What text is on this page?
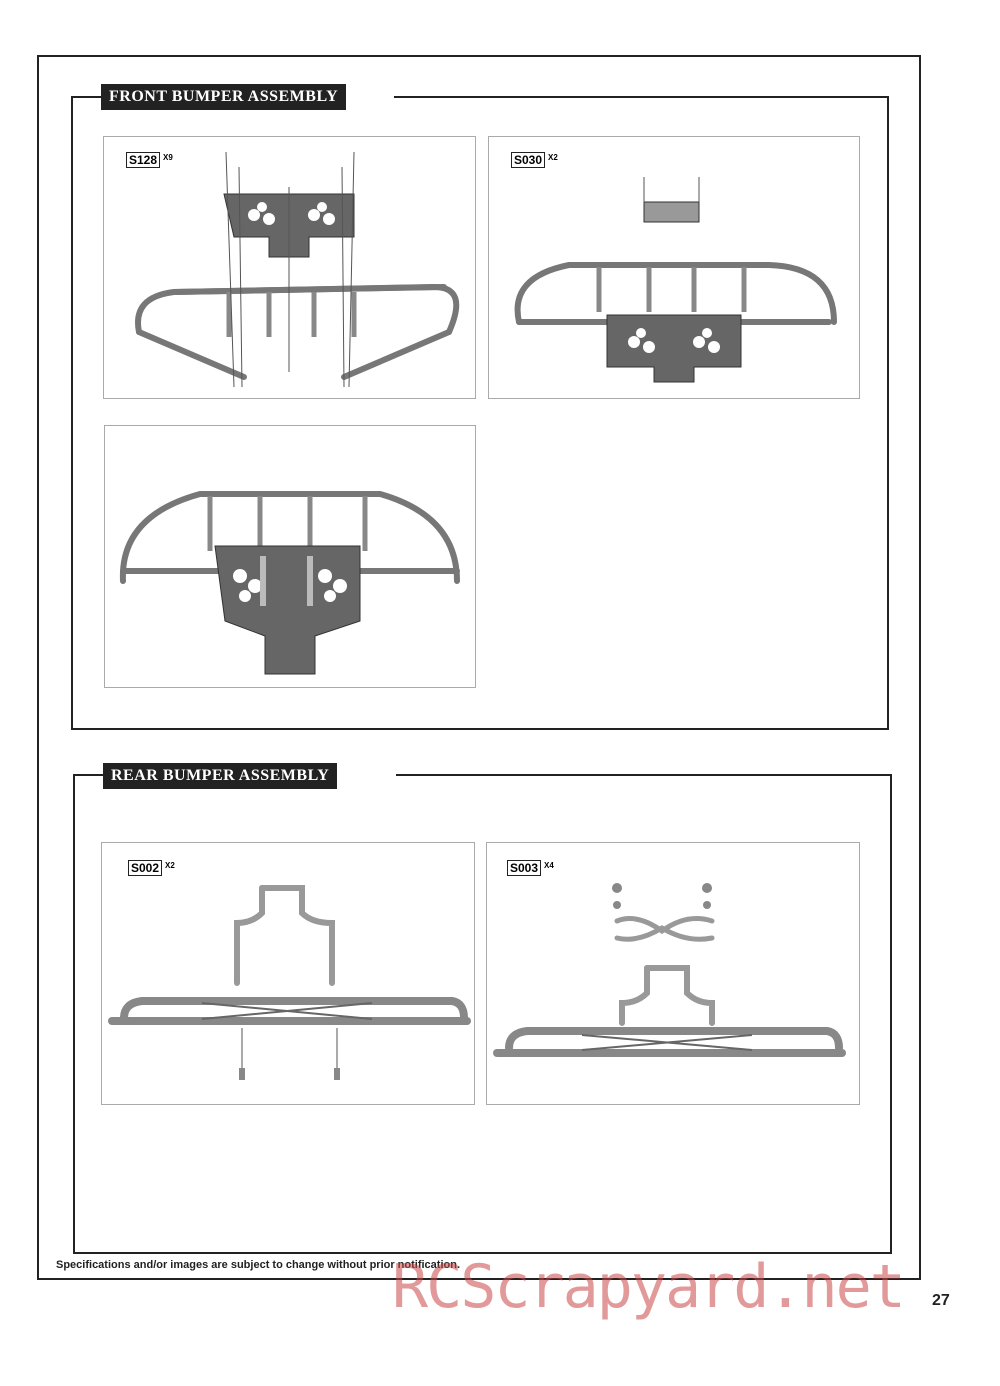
FRONT BUMPER ASSEMBLY
S128 $^{X9}$	S030 $^{X2}$
REAR BUMPER ASSEMBLY
S002 $^{X2}$	S003 $^{X4}$
Specifications and/or images are subject to change without prior notification.
27
RCScrapyard.net
